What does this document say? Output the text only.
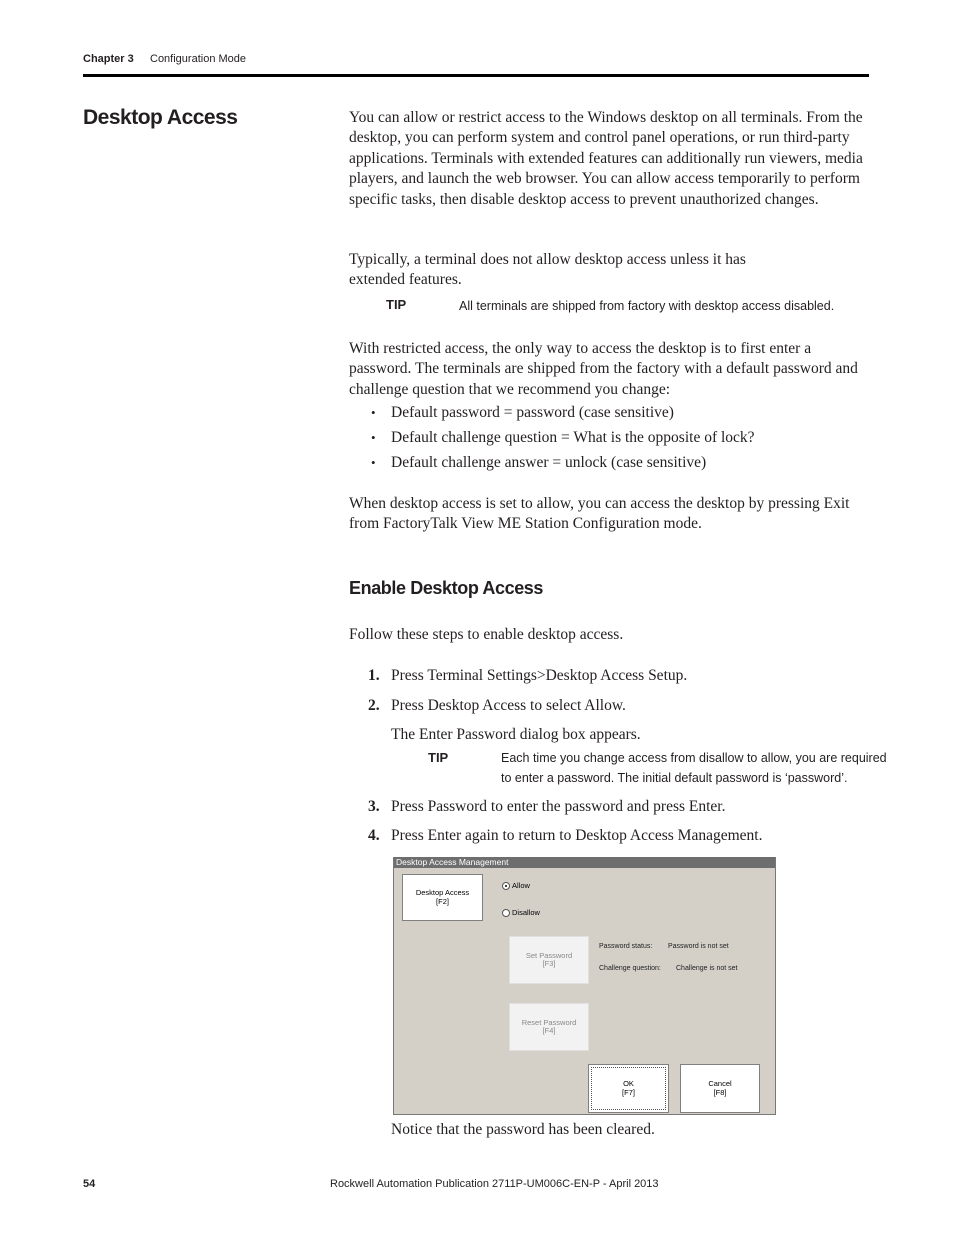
Chapter 3 Configuration Mode
Desktop Access	You can allow or restrict access to the Windows desktop on all terminals. From the desktop, you can perform system and control panel operations, or run third-party applications. Terminals with extended features can additionally run viewers, media players, and launch the web browser. You can allow access temporarily to perform specific tasks, then disable desktop access to prevent unauthorized changes.
Typically, a terminal does not allow desktop access unless it has extended features.
TIP	All terminals are shipped from factory with desktop access disabled.
With restricted access, the only way to access the desktop is to first enter a password. The terminals are shipped from the factory with a default password and challenge question that we recommend you change:
• Default password = password (case sensitive)
• Default challenge question = What is the opposite of lock?
• Default challenge answer = unlock (case sensitive)
When desktop access is set to allow, you can access the desktop by pressing Exit from FactoryTalk View ME Station Configuration mode.
Enable Desktop Access
Follow these steps to enable desktop access.
1. Press Terminal Settings>Desktop Access Setup.
2. Press Desktop Access to select Allow.
The Enter Password dialog box appears.
TIP	Each time you change access from disallow to allow, you are required
to enter a password. The initial default password is ‘password’.
3. Press Password to enter the password and press Enter.
4. Press Enter again to return to Desktop Access Management.
Desktop Access Management
Desktop Access
[F2]
Allow
Disallow
Set Password
[F3]
Password status: Password is not set
Challenge question: Challenge is not set
Reset Password
[F4]
OK
[F7]
Cancel
[F8]
Notice that the password has been cleared.
54	Rockwell Automation Publication 2711P-UM006C-EN-P - April 2013
